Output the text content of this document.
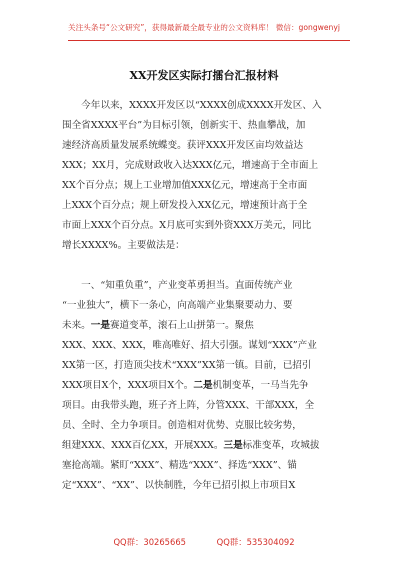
关注头条号“公文研究”，获得最新最全最专业的公文资料库！ 微信：gongwenyj
XX开发区实际打擂台汇报材料
　　今年以来，XXXX开发区以“XXXX创成XXXX开发区、入
围全省XXXX平台”为目标引领，创新实干、热血攀战，加
速经济高质量发展系统蝶变。获评XXX开发区亩均效益达
XXX；XX月，完成财政收入达XXX亿元，增速高于全市面上
XX个百分点；规上工业增加值XXX亿元，增速高于全市面
上XXX个百分点；规上研发投入XX亿元，增速预计高于全
市面上XXX个百分点。X月底可实到外资XXX万美元，同比
增长XXXX%。主要做法是：
　　一、“知重负重”，产业变革勇担当。直面传统产业
“一业独大”，横下一条心，向高端产业集聚要动力、要
未来。一是赛道变革，滚石上山拼第一。聚焦
XXX、XXX、XXX，唯高唯好、招大引强。谋划“XXX”产业
XX第一区，打造顶尖技术“XXX”XX第一镇。目前，已招引
XXX项目X个，XXX项目X个。二是机制变革，一马当先争
项目。由我带头跑，班子齐上阵，分管XXX、干部XXX，全
员、全时、全力争项目。创造相对优势、克服比较劣势，
组建XXX、XXX百亿XX，开展XXX。三是标准变革，攻城拔
塞抢高端。紧盯“XXX”、精选“XXX”、择选“XXX”、锚
定“XXX”、“XX”、以快制胜，今年已招引拟上市项目X
QQ群：30265665	QQ群：535304092
